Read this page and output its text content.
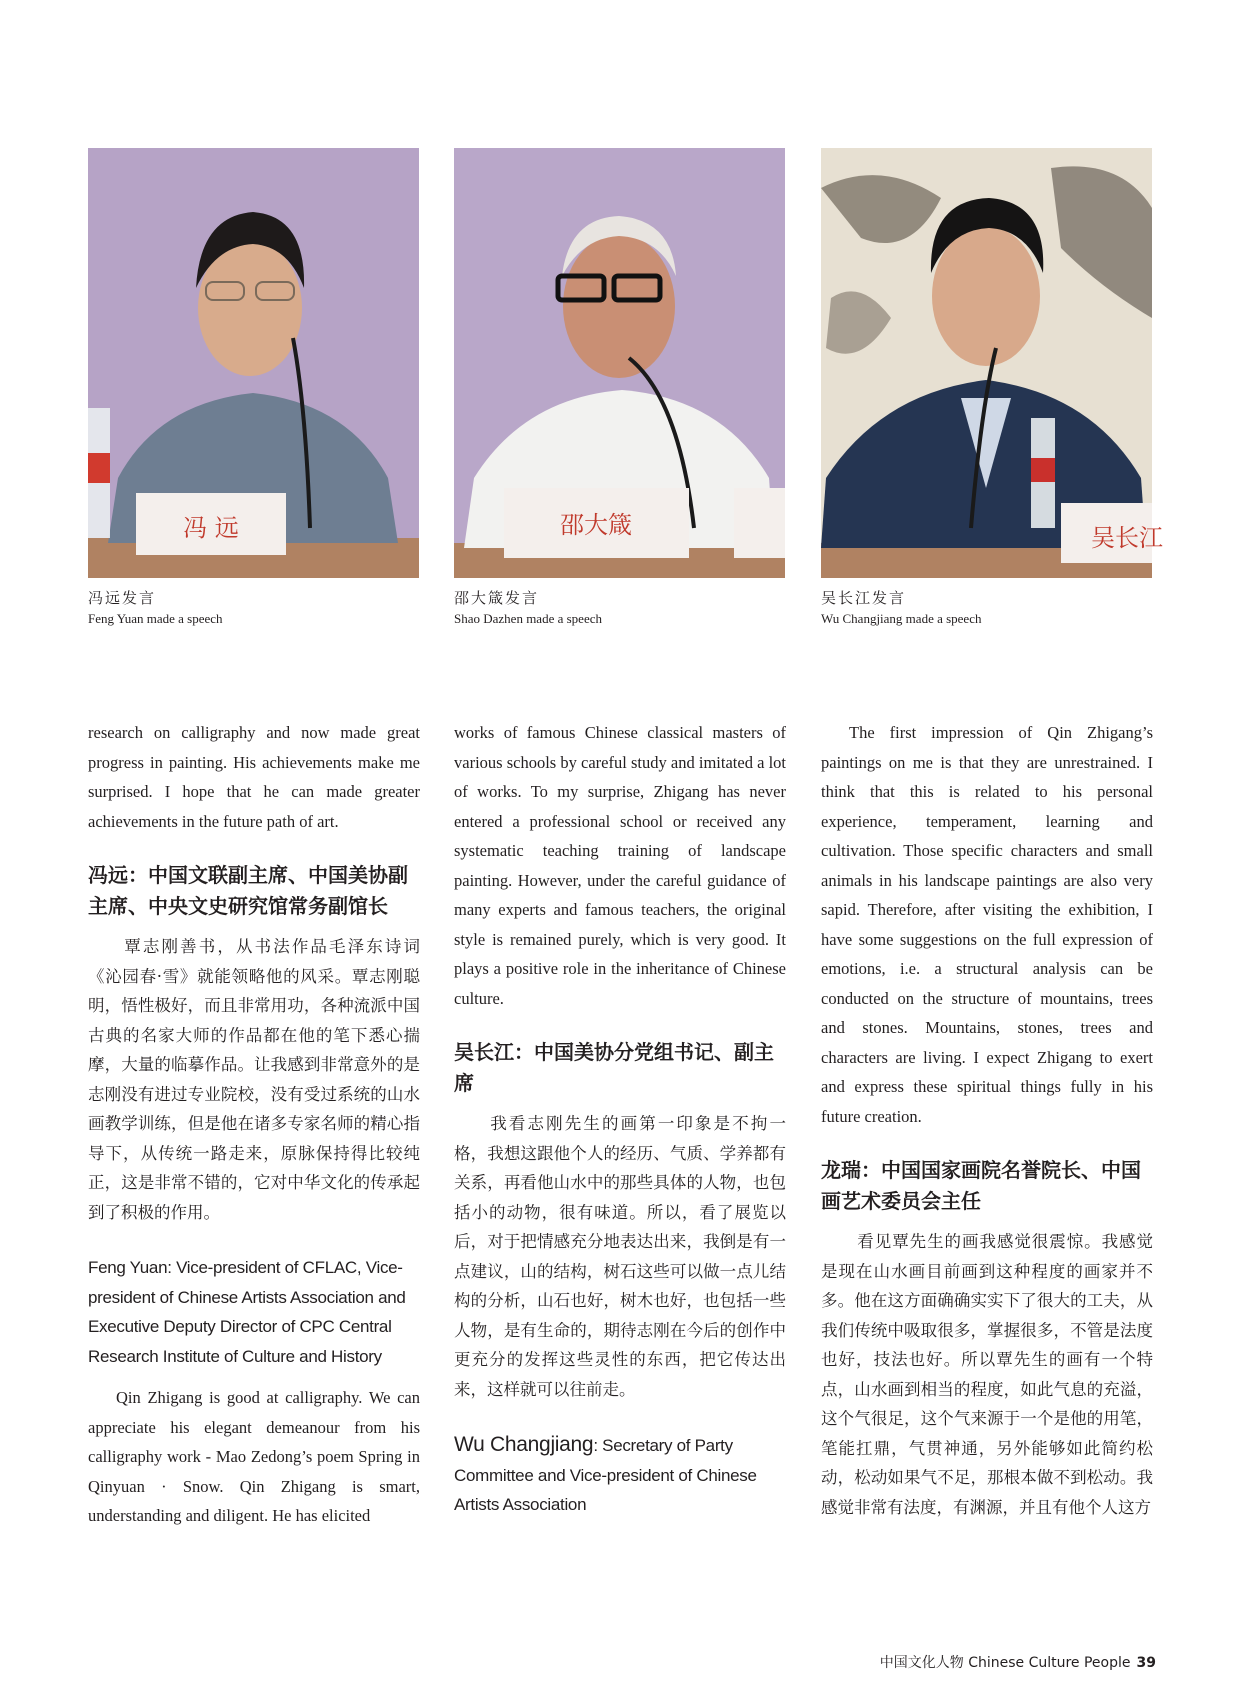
冯 远	邵大箴	吴长江
冯远发言
Feng Yuan made a speech
邵大箴发言
Shao Dazhen made a speech
吴长江发言
Wu Changjiang made a speech

research on calligraphy and now made great progress in painting. His achievements make me surprised. I hope that he can made greater achievements in the future path of art.

冯远：中国文联副主席、中国美协副主席、中央文史研究馆常务副馆长

覃志刚善书，从书法作品毛泽东诗词《沁园春·雪》就能领略他的风采。覃志刚聪明，悟性极好，而且非常用功，各种流派中国古典的名家大师的作品都在他的笔下悉心揣摩，大量的临摹作品。让我感到非常意外的是志刚没有进过专业院校，没有受过系统的山水画教学训练，但是他在诸多专家名师的精心指导下，从传统一路走来，原脉保持得比较纯正，这是非常不错的，它对中华文化的传承起到了积极的作用。

Feng Yuan: Vice-president of CFLAC, Vice-president of Chinese Artists Association and Executive Deputy Director of CPC Central Research Institute of Culture and History

Qin Zhigang is good at calligraphy. We can appreciate his elegant demeanour from his calligraphy work - Mao Zedong’s poem Spring in Qinyuan · Snow. Qin Zhigang is smart, understanding and diligent. He has elicited

works of famous Chinese classical masters of various schools by careful study and imitated a lot of works. To my surprise, Zhigang has never entered a professional school or received any systematic teaching training of landscape painting. However, under the careful guidance of many experts and famous teachers, the original style is remained purely, which is very good. It plays a positive role in the inheritance of Chinese culture.

吴长江：中国美协分党组书记、副主席

我看志刚先生的画第一印象是不拘一格，我想这跟他个人的经历、气质、学养都有关系，再看他山水中的那些具体的人物，也包括小的动物，很有味道。所以，看了展览以后，对于把情感充分地表达出来，我倒是有一点建议，山的结构，树石这些可以做一点儿结构的分析，山石也好，树木也好，也包括一些人物，是有生命的，期待志刚在今后的创作中更充分的发挥这些灵性的东西，把它传达出来，这样就可以往前走。

Wu Changjiang: Secretary of Party Committee and Vice-president of Chinese Artists Association

The first impression of Qin Zhigang’s paintings on me is that they are unrestrained. I think that this is related to his personal experience, temperament, learning and cultivation. Those specific characters and small animals in his landscape paintings are also very sapid. Therefore, after visiting the exhibition, I have some suggestions on the full expression of emotions, i.e. a structural analysis can be conducted on the structure of mountains, trees and stones. Mountains, stones, trees and characters are living. I expect Zhigang to exert and express these spiritual things fully in his future creation.

龙瑞：中国国家画院名誉院长、中国画艺术委员会主任

看见覃先生的画我感觉很震惊。我感觉是现在山水画目前画到这种程度的画家并不多。他在这方面确确实实下了很大的工夫，从我们传统中吸取很多，掌握很多，不管是法度也好，技法也好。所以覃先生的画有一个特点，山水画到相当的程度，如此气息的充溢，这个气很足，这个气来源于一个是他的用笔，笔能扛鼎，气贯神通，另外能够如此简约松动，松动如果气不足，那根本做不到松动。我感觉非常有法度，有渊源，并且有他个人这方

中国文化人物 Chinese Culture People 39
